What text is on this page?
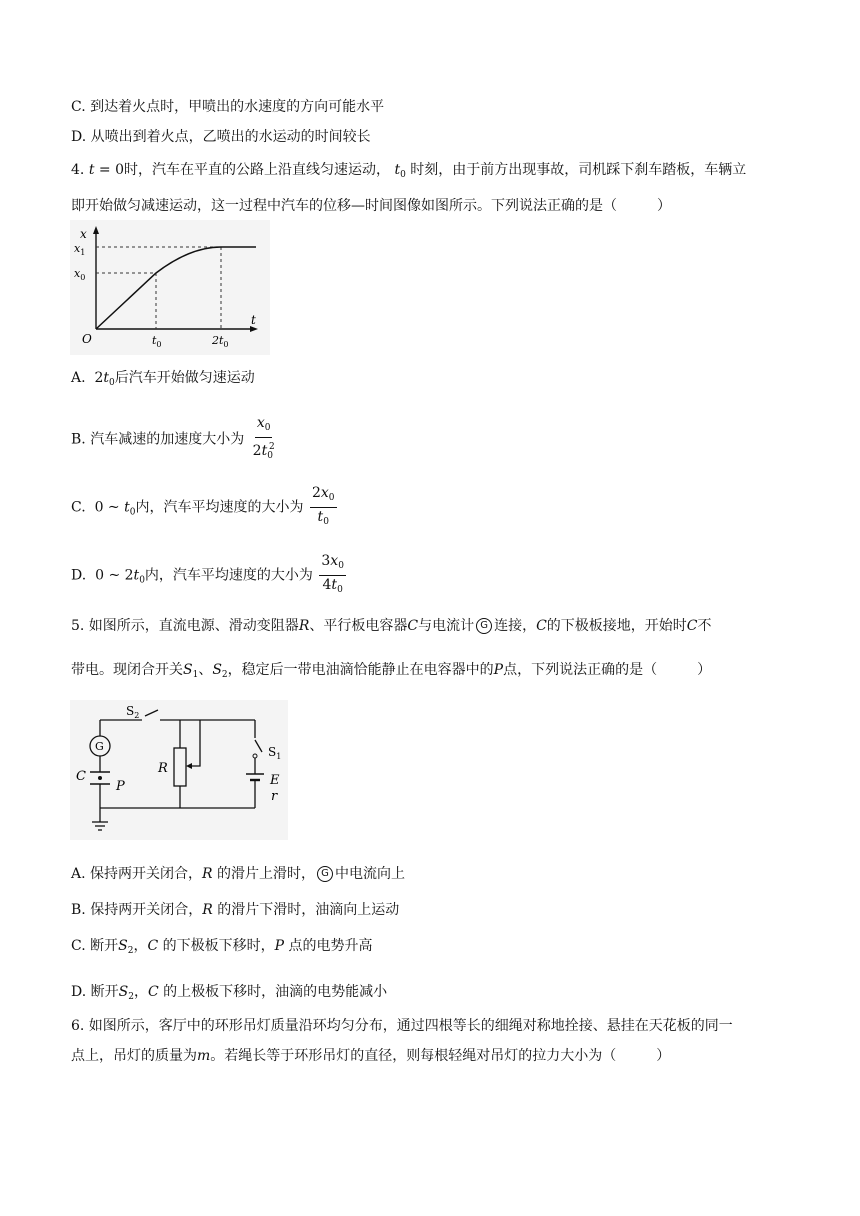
C. 到达着火点时，甲喷出的水速度的方向可能水平
D. 从喷出到着火点，乙喷出的水运动的时间较长
4. t = 0时，汽车在平直的公路上沿直线匀速运动， $t_0$ 时刻，由于前方出现事故，司机踩下刹车踏板，车辆立
即开始做匀减速运动，这一过程中汽车的位移—时间图像如图所示。下列说法正确的是（	）
x
t
O
$x_1$
$x_0$
$t_0$	$2t_0$
A.  $2t_0$后汽车开始做匀速运动
B. 汽车减速的加速度大小为 $\frac{x_0}{2t_0^2}$
C.  0 ~ $t_0$内，汽车平均速度的大小为 $\frac{2x_0}{t_0}$
D.  0 ~ $2t_0$内，汽车平均速度的大小为 $\frac{3x_0}{4t_0}$
5. 如图所示，直流电源、滑动变阻器R、平行板电容器C与电流计 G 连接，C的下极板接地，开始时C不
带电。现闭合开关$S_1$、$S_2$，稳定后一带电油滴恰能静止在电容器中的P点，下列说法正确的是（	）
$S_2$
G
C
P
R
$S_1$
E
r
A. 保持两开关闭合，R 的滑片上滑时， G 中电流向上
B. 保持两开关闭合，R 的滑片下滑时，油滴向上运动
C. 断开$S_2$，C 的下极板下移时，P 点的电势升高
D. 断开$S_2$，C 的上极板下移时，油滴的电势能减小
6. 如图所示，客厅中的环形吊灯质量沿环均匀分布，通过四根等长的细绳对称地拴接、悬挂在天花板的同一
点上，吊灯的质量为m。若绳长等于环形吊灯的直径，则每根轻绳对吊灯的拉力大小为（	）
